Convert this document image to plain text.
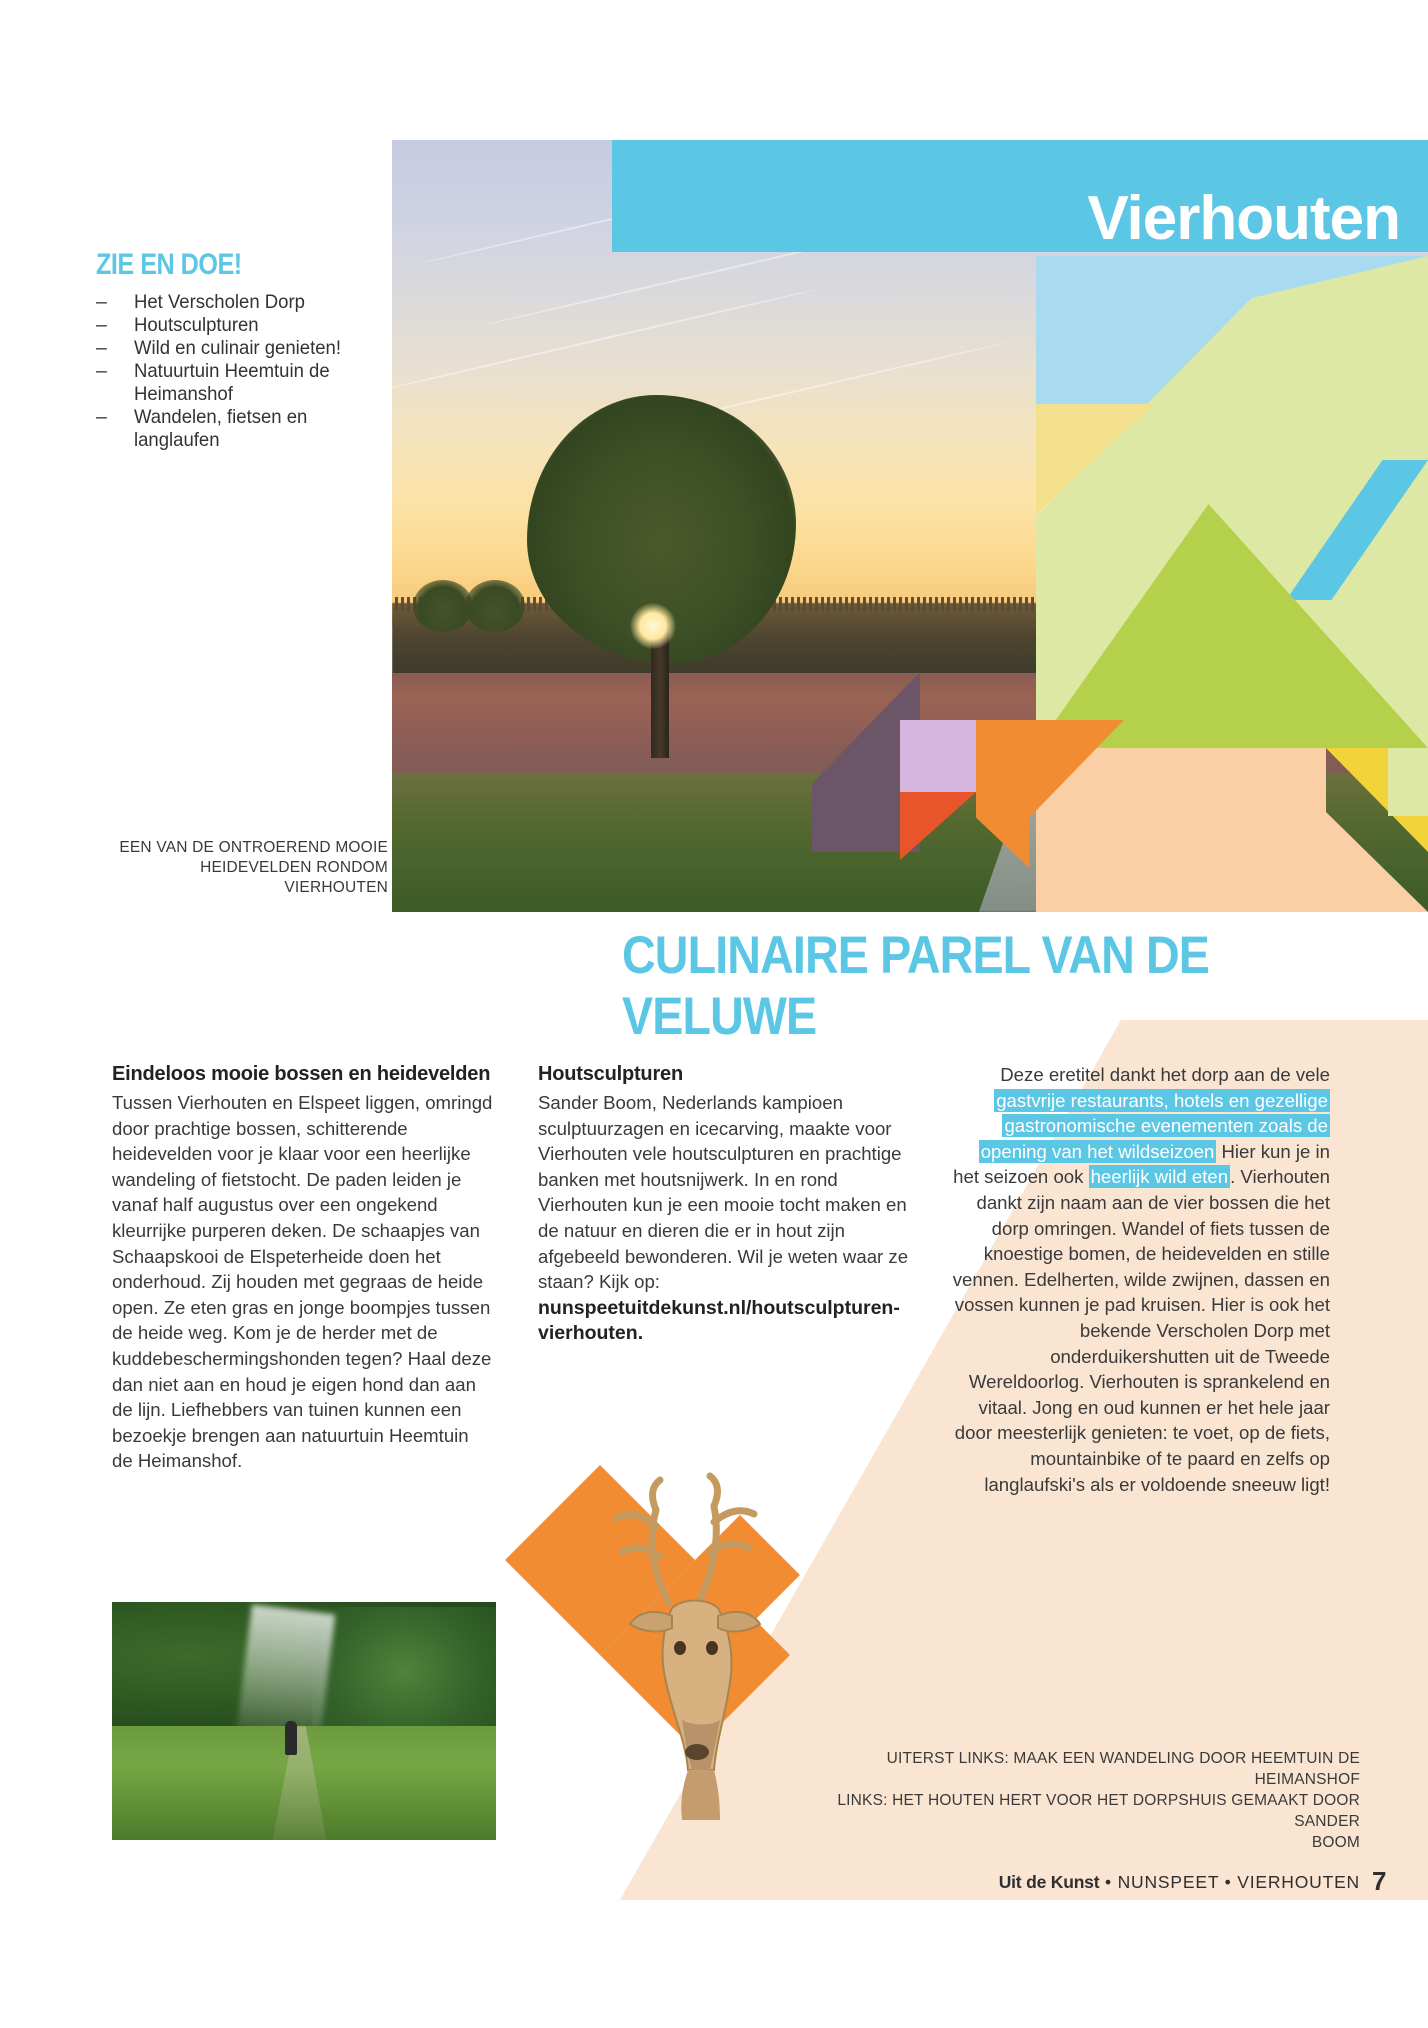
Vierhouten
ZIE EN DOE!
–	Het Verscholen Dorp
–	Houtsculpturen
–	Wild en culinair genieten!
–	Natuurtuin Heemtuin de Heimanshof
–	Wandelen, fietsen en langlaufen
EEN VAN DE ONTROEREND MOOIE HEIDEVELDEN RONDOM VIERHOUTEN
CULINAIRE PAREL VAN DE VELUWE
Eindeloos mooie bossen en heidevelden

Tussen Vierhouten en Elspeet liggen, omringd door prachtige bossen, schitterende heidevelden voor je klaar voor een heerlijke wandeling of fietstocht. De paden leiden je vanaf half augustus over een ongekend kleurrijke purperen deken. De schaapjes van Schaapskooi de Elspeterheide doen het onderhoud. Zij houden met gegraas de heide open. Ze eten gras en jonge boompjes tussen de heide weg. Kom je de herder met de kuddebeschermingshonden tegen? Haal deze dan niet aan en houd je eigen hond dan aan de lijn. Liefhebbers van tuinen kunnen een bezoekje brengen aan natuurtuin Heemtuin de Heimanshof.

Houtsculpturen

Sander Boom, Nederlands kampioen sculptuurzagen en icecarving, maakte voor Vierhouten vele houtsculpturen en prachtige banken met houtsnijwerk. In en rond Vierhouten kun je een mooie tocht maken en de natuur en dieren die er in hout zijn afgebeeld bewonderen. Wil je weten waar ze staan? Kijk op: nunspeetuitdekunst.nl/houtsculpturen-vierhouten.

Deze eretitel dankt het dorp aan de vele gastvrije restaurants, hotels en gezellige gastronomische evenementen zoals de opening van het wildseizoen Hier kun je in het seizoen ook heerlijk wild eten . Vierhouten dankt zijn naam aan de vier bossen die het dorp omringen. Wandel of fiets tussen de knoestige bomen, de heidevelden en stille vennen. Edelherten, wilde zwijnen, dassen en vossen kunnen je pad kruisen. Hier is ook het bekende Verscholen Dorp met onderduikershutten uit de Tweede Wereldoorlog. Vierhouten is sprankelend en vitaal. Jong en oud kunnen er het hele jaar door meesterlijk genieten: te voet, op de fiets, mountainbike of te paard en zelfs op langlaufski's als er voldoende sneeuw ligt!

UITERST LINKS: MAAK EEN WANDELING DOOR HEEMTUIN DE HEIMANSHOF
LINKS: HET HOUTEN HERT VOOR HET DORPSHUIS GEMAAKT DOOR SANDER
BOOM
Uit de Kunst • NUNSPEET • VIERHOUTEN 7
